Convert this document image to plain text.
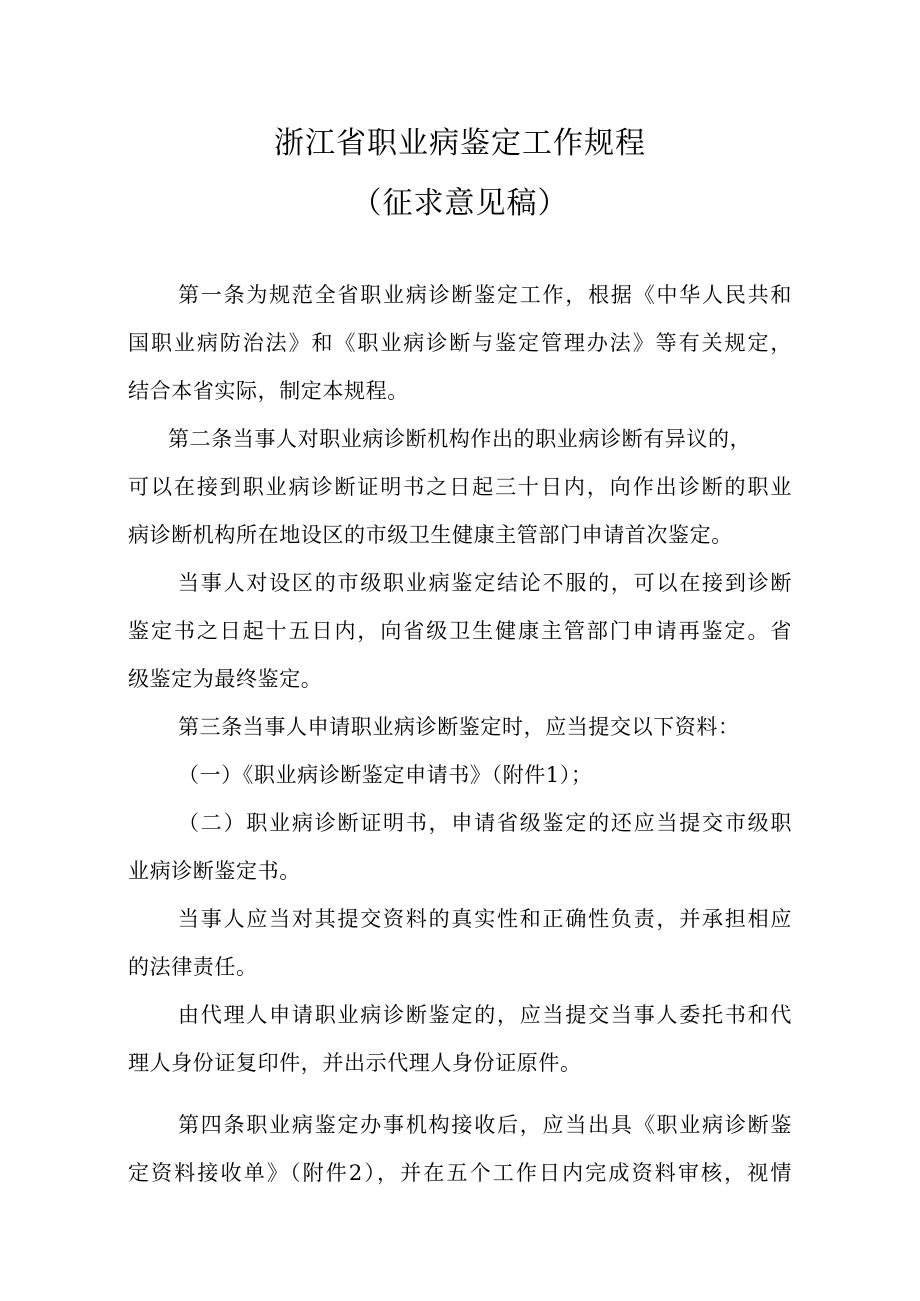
浙江省职业病鉴定工作规程
（征求意见稿）

第一条为规范全省职业病诊断鉴定工作，根据《中华人民共和

国职业病防治法》和《职业病诊断与鉴定管理办法》等有关规定，

结合本省实际，制定本规程。

第二条当事人对职业病诊断机构作出的职业病诊断有异议的，

可以在接到职业病诊断证明书之日起三十日内，向作出诊断的职业

病诊断机构所在地设区的市级卫生健康主管部门申请首次鉴定。

当事人对设区的市级职业病鉴定结论不服的，可以在接到诊断

鉴定书之日起十五日内，向省级卫生健康主管部门申请再鉴定。省

级鉴定为最终鉴定。

第三条当事人申请职业病诊断鉴定时，应当提交以下资料：

（一）《职业病诊断鉴定申请书》（附件1）；

（二）职业病诊断证明书，申请省级鉴定的还应当提交市级职

业病诊断鉴定书。

当事人应当对其提交资料的真实性和正确性负责，并承担相应

的法律责任。

由代理人申请职业病诊断鉴定的，应当提交当事人委托书和代

理人身份证复印件，并出示代理人身份证原件。

第四条职业病鉴定办事机构接收后，应当出具《职业病诊断鉴

定资料接收单》（附件2），并在五个工作日内完成资料审核，视情
